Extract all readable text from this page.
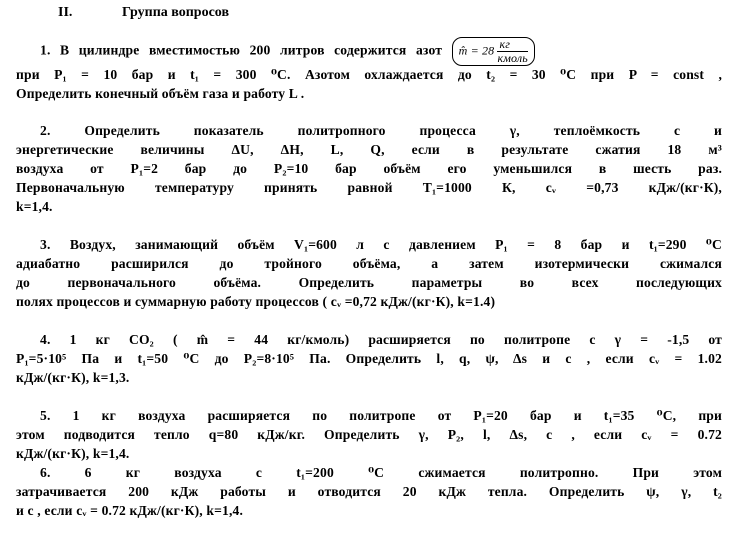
II.	Группа вопросов

1. В цилиндре вместимостью 200 литров содержится азот m̂ = $28 \frac{кг}{\text{кмоль}}$

при P₁ = 10 бар и t₁ = 300 ⁰С. Азотом охлаждается до t₂ = 30 ⁰С при P = const ,

Определить конечный объём газа и работу L .

2. Определить показатель политропного процесса γ, теплоёмкость c и

энергетические величины ΔU, ΔH, L, Q, если в результате сжатия 18 м³

воздуха от P₁=2 бар до P₂=10 бар объём его уменьшился в шесть раз.

Первоначальную температуру принять равной T₁=1000 К, cᵥ =0,73 кДж/(кг·К),

k=1,4.

3. Воздух, занимающий объём V₁=600 л с давлением P₁ = 8 бар и t₁=290 ⁰С

адиабатно расширился до тройного объёма, а затем изотермически сжимался

до первоначального объёма. Определить параметры во всех последующих

полях процессов и суммарную работу процессов ( cᵥ =0,72 кДж/(кг·К), k=1.4)

4. 1 кг CO₂ ( m̂ = 44 кг/кмоль) расширяется по политропе с γ = -1,5 от

P₁=5·10⁵ Па и t₁=50 ⁰С до P₂=8·10⁵ Па. Определить l, q, ψ, Δs и c , если cᵥ = 1.02

кДж/(кг·К), k=1,3.

5. 1 кг воздуха расширяется по политропе от P₁=20 бар и t₁=35 ⁰С, при

этом подводится тепло q=80 кДж/кг. Определить γ, P₂, l, Δs, c , если cᵥ = 0.72

кДж/(кг·К), k=1,4.

6. 6 кг воздуха с t₁=200 ⁰С сжимается политропно. При этом

затрачивается 200 кДж работы и отводится 20 кДж тепла. Определить ψ, γ, t₂

и c , если cᵥ = 0.72 кДж/(кг·К), k=1,4.
